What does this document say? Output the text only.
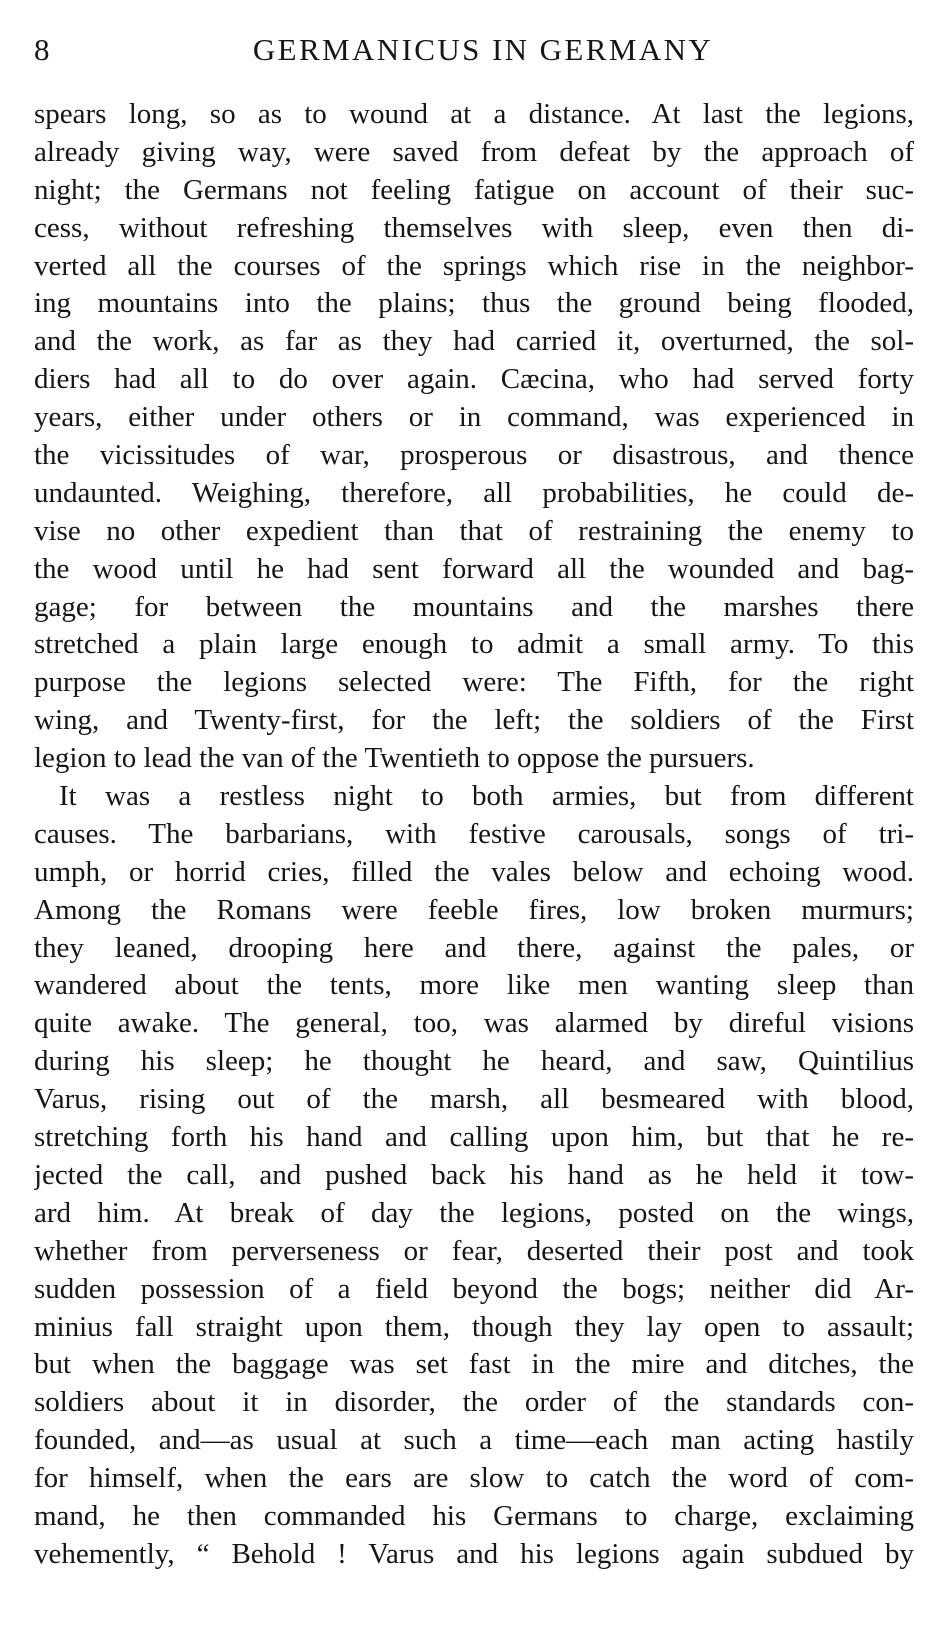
8	GERMANICUS IN GERMANY
spears long, so as to wound at a distance. At last the legions,
already giving way, were saved from defeat by the approach of
night; the Germans not feeling fatigue on account of their suc-
cess, without refreshing themselves with sleep, even then di-
verted all the courses of the springs which rise in the neighbor-
ing mountains into the plains; thus the ground being flooded,
and the work, as far as they had carried it, overturned, the sol-
diers had all to do over again. Cæcina, who had served forty
years, either under others or in command, was experienced in
the vicissitudes of war, prosperous or disastrous, and thence
undaunted. Weighing, therefore, all probabilities, he could de-
vise no other expedient than that of restraining the enemy to
the wood until he had sent forward all the wounded and bag-
gage; for between the mountains and the marshes there
stretched a plain large enough to admit a small army. To this
purpose the legions selected were: The Fifth, for the right
wing, and Twenty-first, for the left; the soldiers of the First
legion to lead the van of the Twentieth to oppose the pursuers.
It was a restless night to both armies, but from different
causes. The barbarians, with festive carousals, songs of tri-
umph, or horrid cries, filled the vales below and echoing wood.
Among the Romans were feeble fires, low broken murmurs;
they leaned, drooping here and there, against the pales, or
wandered about the tents, more like men wanting sleep than
quite awake. The general, too, was alarmed by direful visions
during his sleep; he thought he heard, and saw, Quintilius
Varus, rising out of the marsh, all besmeared with blood,
stretching forth his hand and calling upon him, but that he re-
jected the call, and pushed back his hand as he held it tow-
ard him. At break of day the legions, posted on the wings,
whether from perverseness or fear, deserted their post and took
sudden possession of a field beyond the bogs; neither did Ar-
minius fall straight upon them, though they lay open to assault;
but when the baggage was set fast in the mire and ditches, the
soldiers about it in disorder, the order of the standards con-
founded, and—as usual at such a time—each man acting hastily
for himself, when the ears are slow to catch the word of com-
mand, he then commanded his Germans to charge, exclaiming
vehemently, “ Behold ! Varus and his legions again subdued by
